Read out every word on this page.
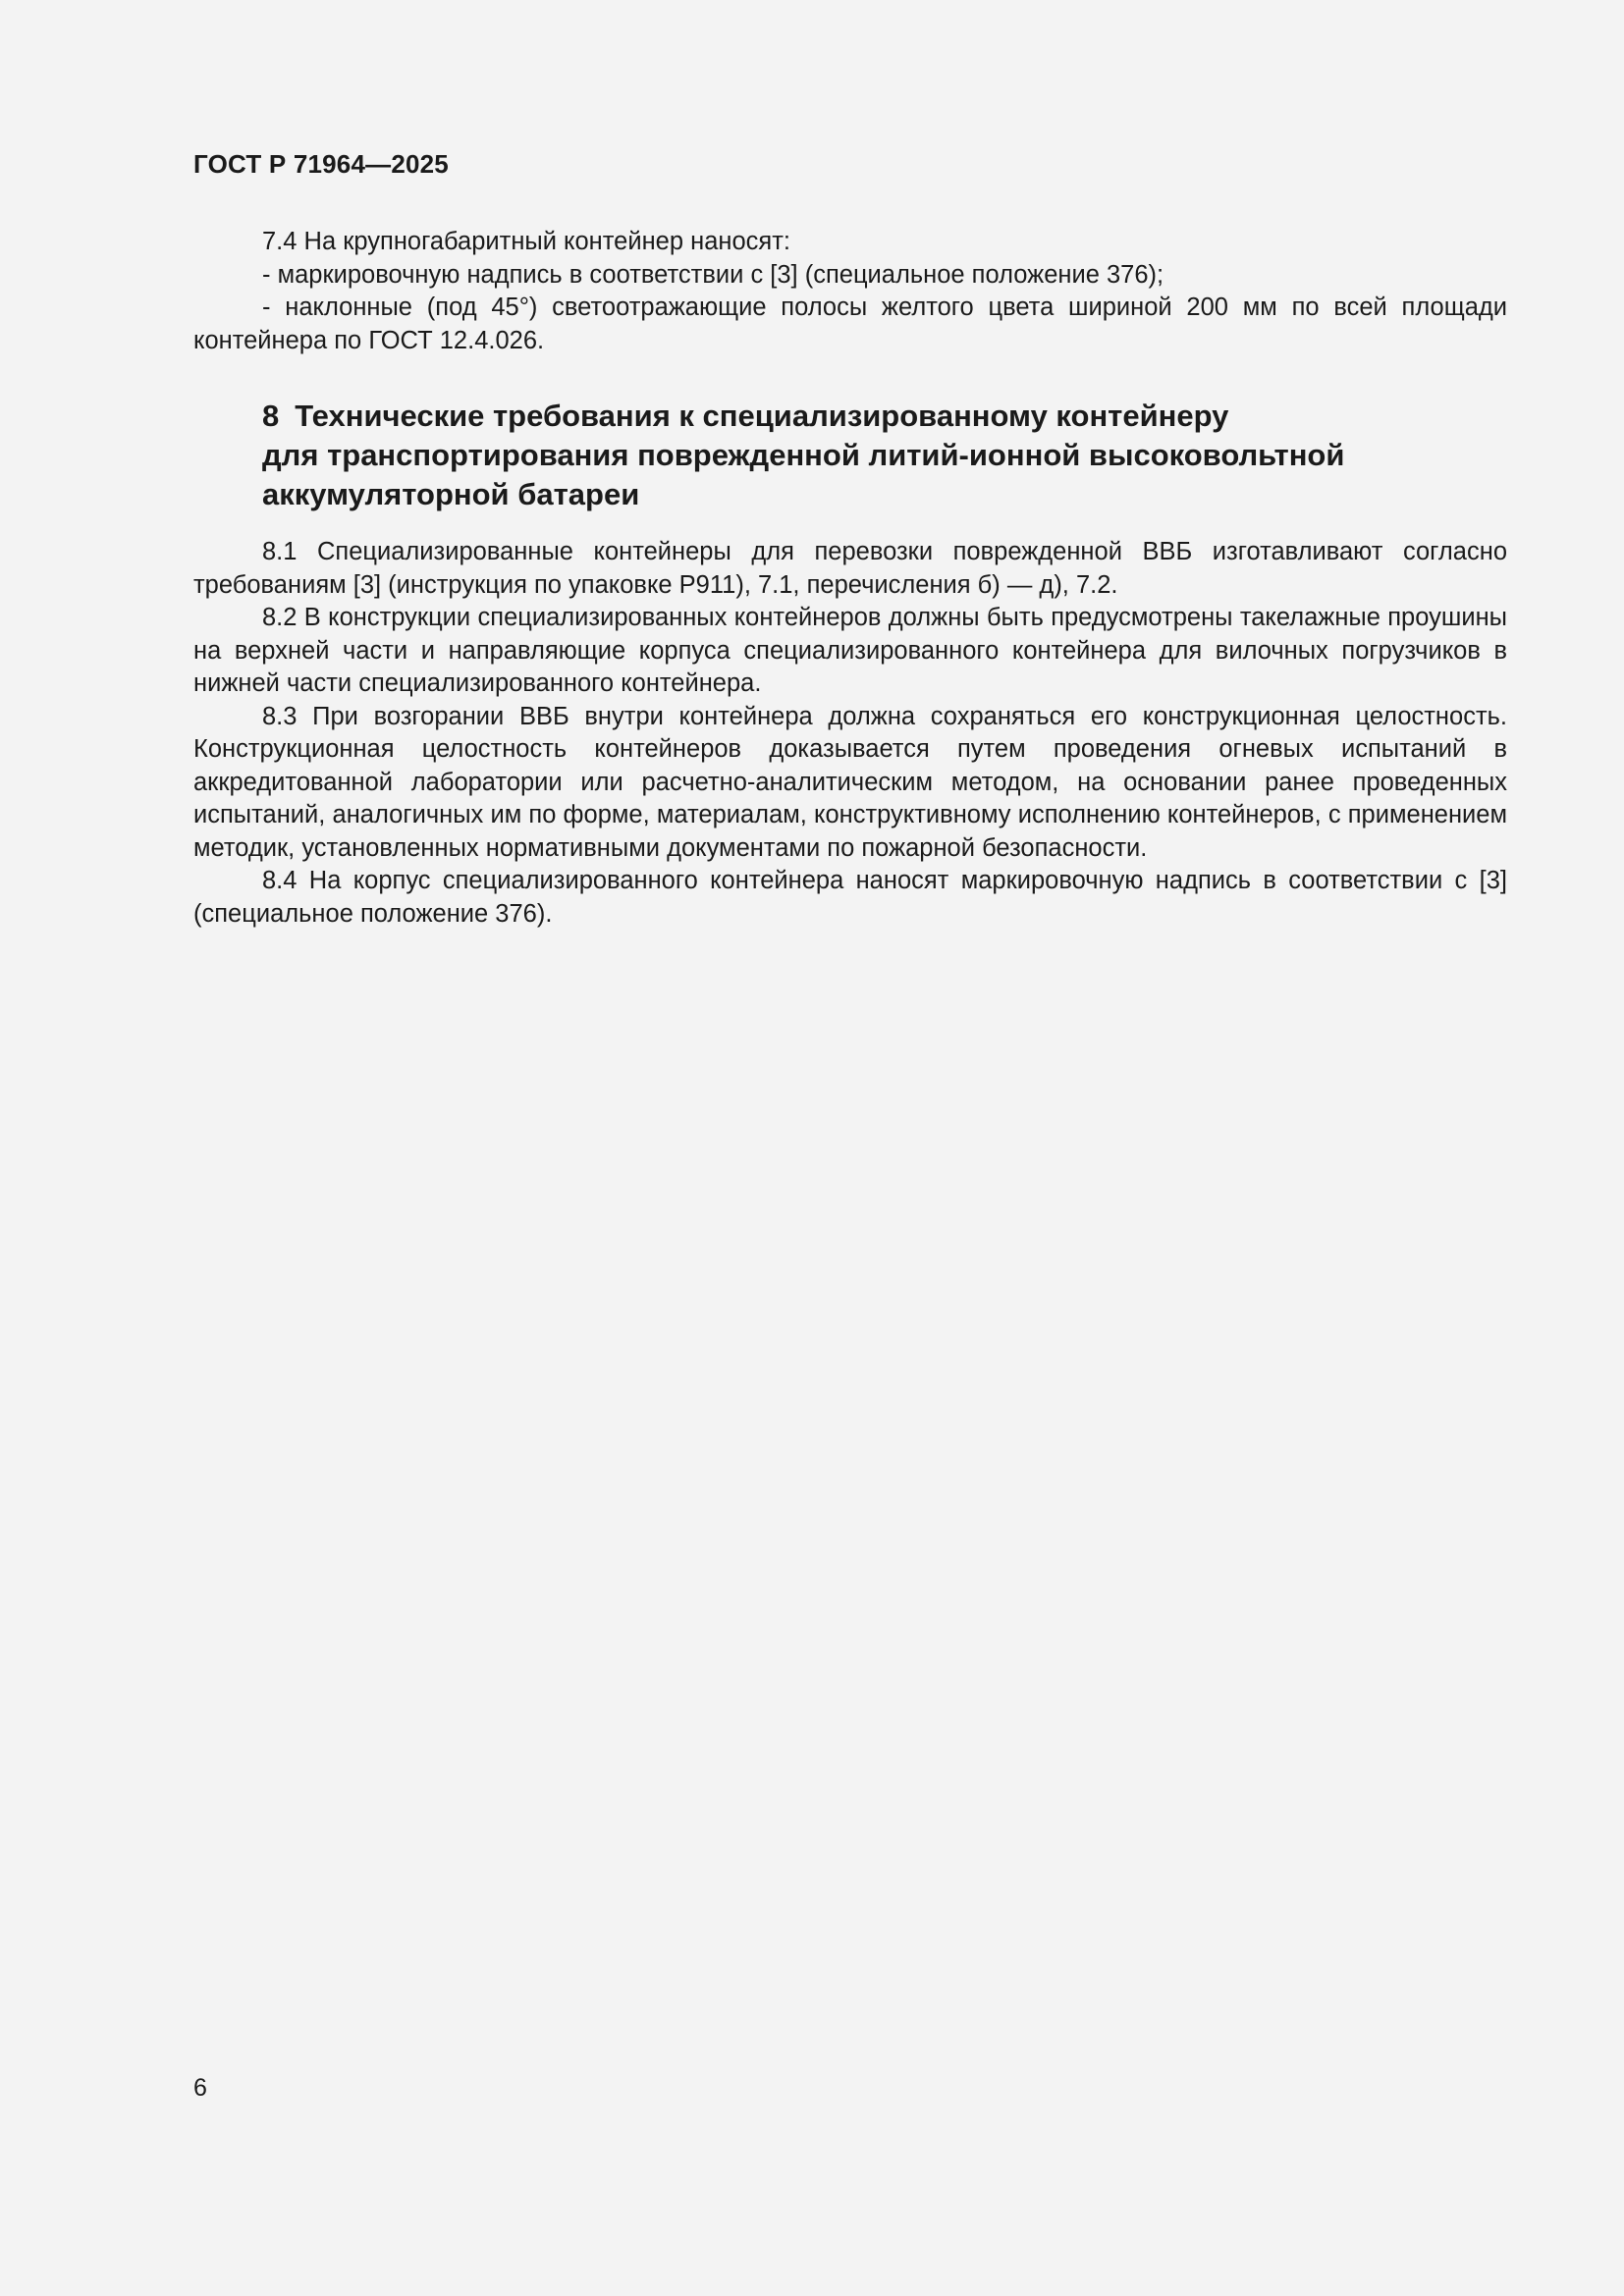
ГОСТ Р 71964—2025

7.4 На крупногабаритный контейнер наносят:

- маркировочную надпись в соответствии с [3] (специальное положение 376);

- наклонные (под 45°) светоотражающие полосы желтого цвета шириной 200 мм по всей площади контейнера по ГОСТ 12.4.026.

8 Технические требования к специализированному контейнеру
для транспортирования поврежденной литий-ионной высоковольтной
аккумуляторной батареи

8.1 Специализированные контейнеры для перевозки поврежденной ВВБ изготавливают согласно требованиям [3] (инструкция по упаковке Р911), 7.1, перечисления б) — д), 7.2.

8.2 В конструкции специализированных контейнеров должны быть предусмотрены такелажные проушины на верхней части и направляющие корпуса специализированного контейнера для вилочных погрузчиков в нижней части специализированного контейнера.

8.3 При возгорании ВВБ внутри контейнера должна сохраняться его конструкционная целостность. Конструкционная целостность контейнеров доказывается путем проведения огневых испытаний в аккредитованной лаборатории или расчетно-аналитическим методом, на основании ранее проведенных испытаний, аналогичных им по форме, материалам, конструктивному исполнению контейнеров, с применением методик, установленных нормативными документами по пожарной безопасности.

8.4 На корпус специализированного контейнера наносят маркировочную надпись в соответствии с [3] (специальное положение 376).

6
